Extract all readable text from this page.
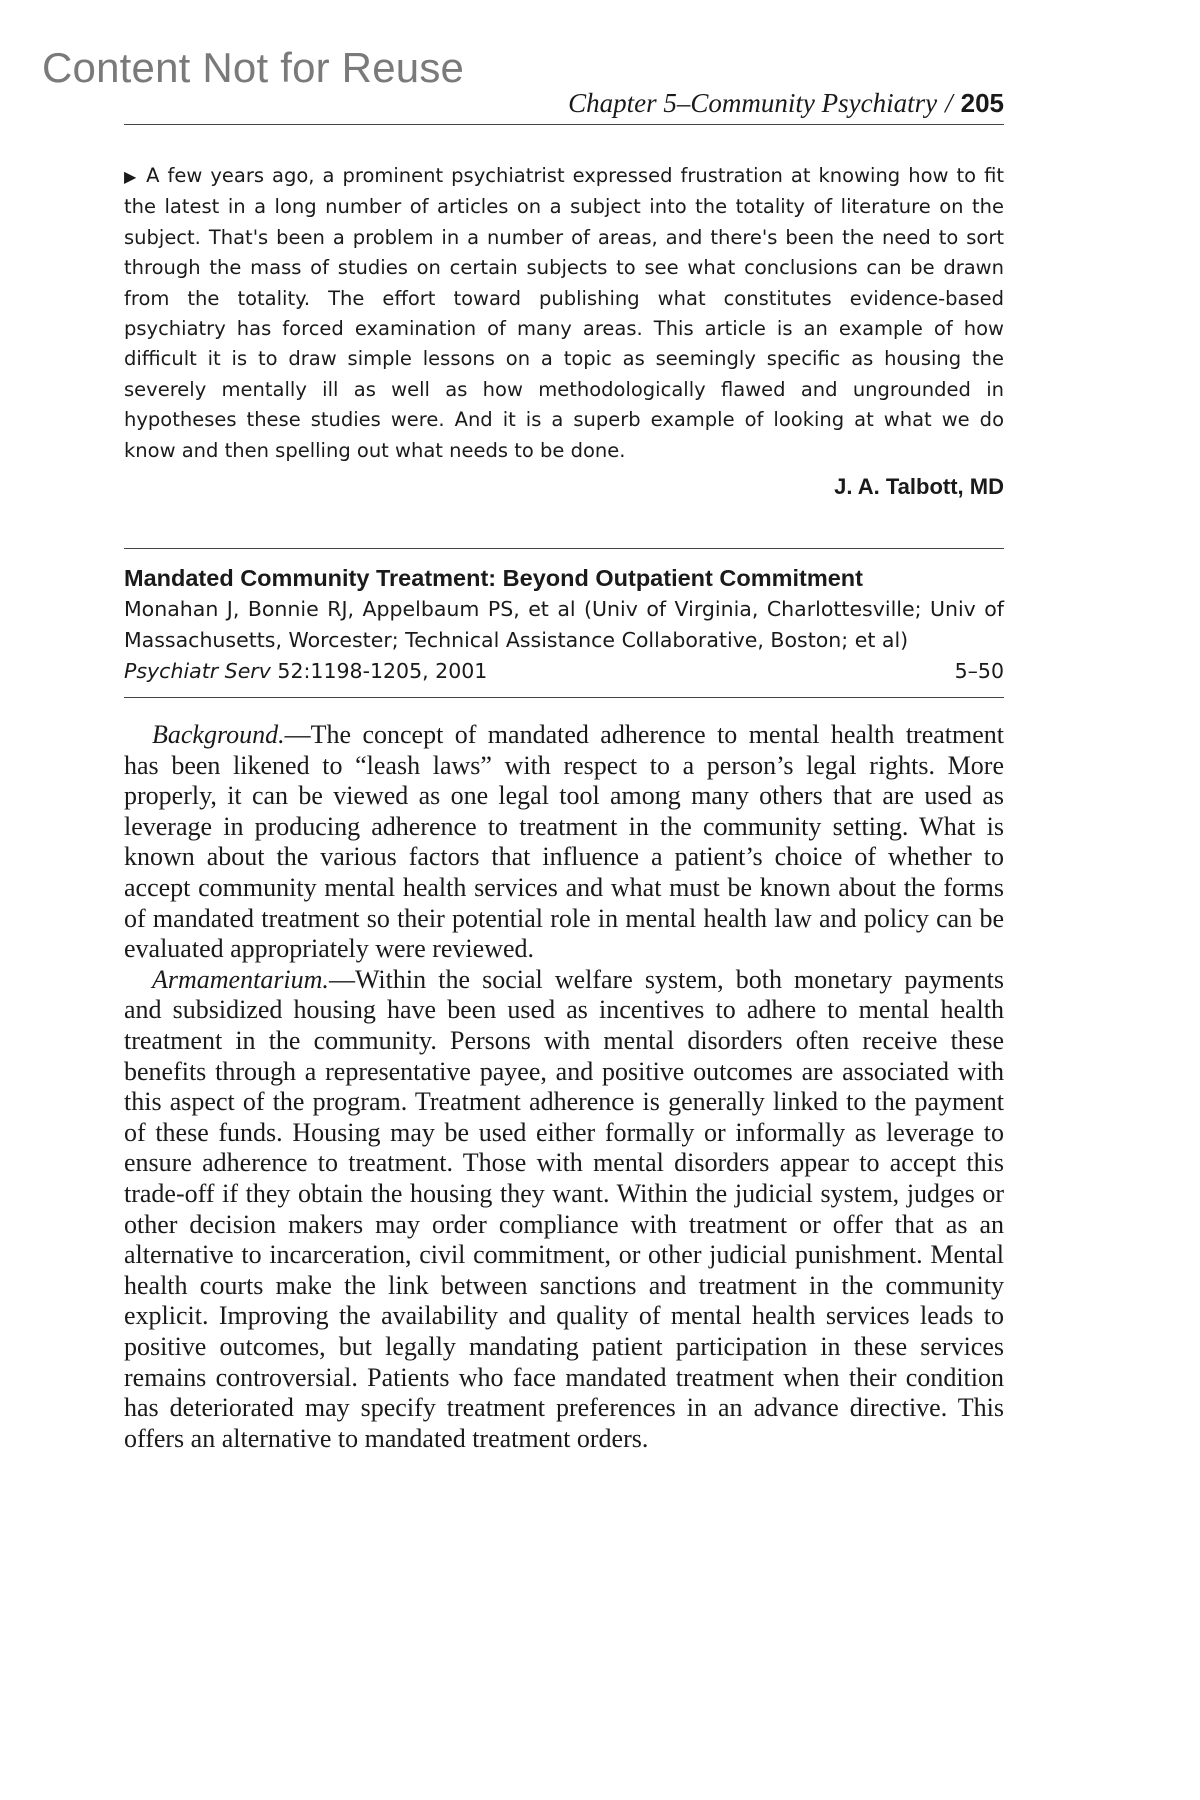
Content Not for Reuse
Chapter 5–Community Psychiatry / 205
▶ A few years ago, a prominent psychiatrist expressed frustration at knowing how to fit the latest in a long number of articles on a subject into the totality of literature on the subject. That's been a problem in a number of areas, and there's been the need to sort through the mass of studies on certain subjects to see what conclusions can be drawn from the totality. The effort toward publishing what constitutes evidence-based psychiatry has forced examination of many areas. This article is an example of how difficult it is to draw simple lessons on a topic as seemingly specific as housing the severely mentally ill as well as how methodologically flawed and ungrounded in hypotheses these studies were. And it is a superb example of looking at what we do know and then spelling out what needs to be done.
J. A. Talbott, MD
Mandated Community Treatment: Beyond Outpatient Commitment
Monahan J, Bonnie RJ, Appelbaum PS, et al (Univ of Virginia, Charlottesville; Univ of Massachusetts, Worcester; Technical Assistance Collaborative, Boston; et al)
Psychiatr Serv 52:1198-1205, 2001	5–50

Background.—The concept of mandated adherence to mental health treatment has been likened to “leash laws” with respect to a person’s legal rights. More properly, it can be viewed as one legal tool among many others that are used as leverage in producing adherence to treatment in the community setting. What is known about the various factors that influence a patient’s choice of whether to accept community mental health services and what must be known about the forms of mandated treatment so their potential role in mental health law and policy can be evaluated appropriately were reviewed.

Armamentarium.—Within the social welfare system, both monetary payments and subsidized housing have been used as incentives to adhere to mental health treatment in the community. Persons with mental disorders often receive these benefits through a representative payee, and positive outcomes are associated with this aspect of the program. Treatment adherence is generally linked to the payment of these funds. Housing may be used either formally or informally as leverage to ensure adherence to treatment. Those with mental disorders appear to accept this trade-off if they obtain the housing they want. Within the judicial system, judges or other decision makers may order compliance with treatment or offer that as an alternative to incarceration, civil commitment, or other judicial punishment. Mental health courts make the link between sanctions and treatment in the community explicit. Improving the availability and quality of mental health services leads to positive outcomes, but legally mandating patient participation in these services remains controversial. Patients who face mandated treatment when their condition has deteriorated may specify treatment preferences in an advance directive. This offers an alternative to mandated treatment orders.
